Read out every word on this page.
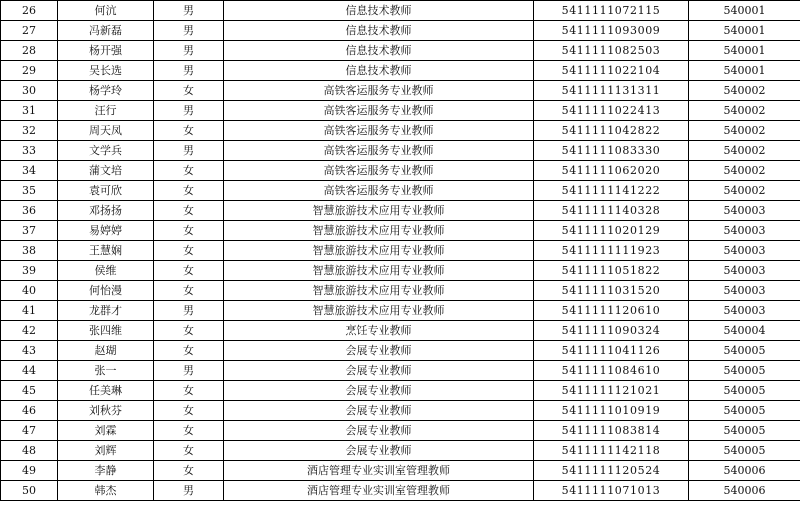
26	何沆	男	信息技术教师	5411111072115	540001
27	冯新磊	男	信息技术教师	5411111093009	540001
28	杨开强	男	信息技术教师	5411111082503	540001
29	吴长选	男	信息技术教师	5411111022104	540001
30	杨学玲	女	高铁客运服务专业教师	5411111131311	540002
31	汪行	男	高铁客运服务专业教师	5411111022413	540002
32	周天凤	女	高铁客运服务专业教师	5411111042822	540002
33	文学兵	男	高铁客运服务专业教师	5411111083330	540002
34	蒲文培	女	高铁客运服务专业教师	5411111062020	540002
35	袁可欣	女	高铁客运服务专业教师	5411111141222	540002
36	邓扬扬	女	智慧旅游技术应用专业教师	5411111140328	540003
37	易婷婷	女	智慧旅游技术应用专业教师	5411111020129	540003
38	王慧娴	女	智慧旅游技术应用专业教师	5411111111923	540003
39	侯维	女	智慧旅游技术应用专业教师	5411111051822	540003
40	何怡漫	女	智慧旅游技术应用专业教师	5411111031520	540003
41	龙群才	男	智慧旅游技术应用专业教师	5411111120610	540003
42	张四维	女	烹饪专业教师	5411111090324	540004
43	赵瑚	女	会展专业教师	5411111041126	540005
44	张一	男	会展专业教师	5411111084610	540005
45	任美琳	女	会展专业教师	5411111121021	540005
46	刘秋芬	女	会展专业教师	5411111010919	540005
47	刘霖	女	会展专业教师	5411111083814	540005
48	刘辉	女	会展专业教师	5411111142118	540005
49	李静	女	酒店管理专业实训室管理教师	5411111120524	540006
50	韩杰	男	酒店管理专业实训室管理教师	5411111071013	540006
